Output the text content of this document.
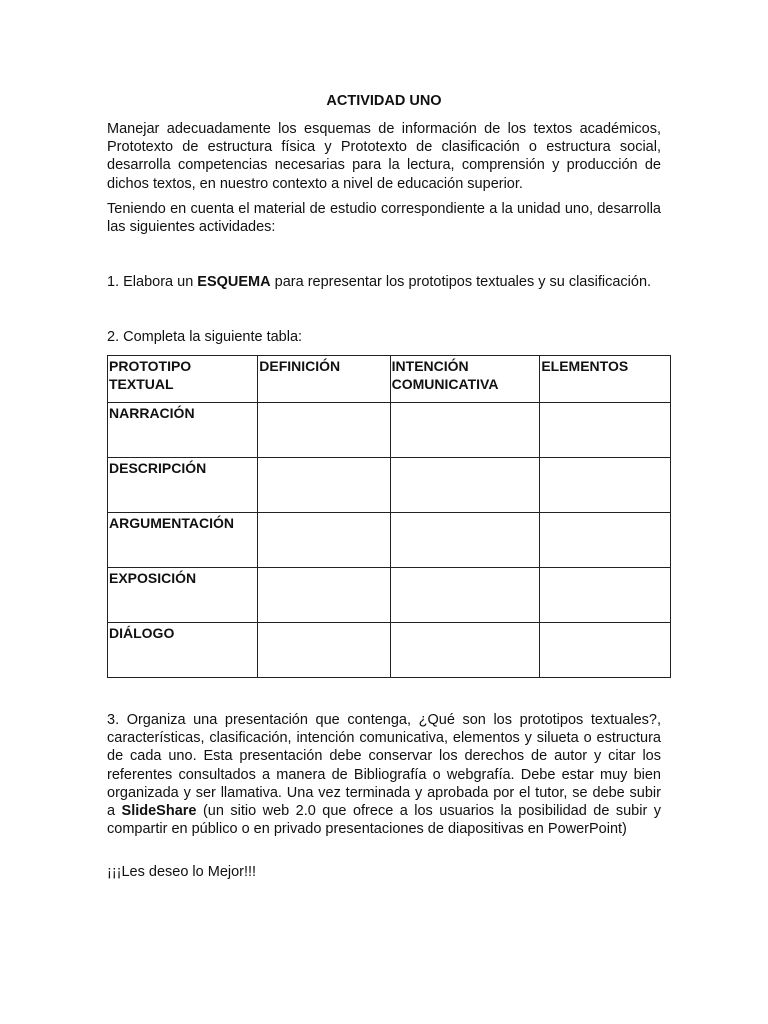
ACTIVIDAD UNO

Manejar adecuadamente los esquemas de información de los textos académicos, Prototexto de estructura física y Prototexto de clasificación o estructura social, desarrolla competencias necesarias para la lectura, comprensión y producción de dichos textos, en nuestro contexto a nivel de educación superior.

Teniendo en cuenta el material de estudio correspondiente a la unidad uno, desarrolla las siguientes actividades:

1. Elabora un ESQUEMA para representar los prototipos textuales y su clasificación.

2. Completa la siguiente tabla:

PROTOTIPO TEXTUAL	DEFINICIÓN	INTENCIÓN COMUNICATIVA	ELEMENTOS
NARRACIÓN			
DESCRIPCIÓN			
ARGUMENTACIÓN			
EXPOSICIÓN			
DIÁLOGO			

3. Organiza una presentación que contenga, ¿Qué son los prototipos textuales?, características, clasificación, intención comunicativa, elementos y silueta o estructura de cada uno. Esta presentación debe conservar los derechos de autor y citar los referentes consultados a manera de Bibliografía o webgrafía. Debe estar muy bien organizada y ser llamativa. Una vez terminada y aprobada por el tutor, se debe subir a SlideShare (un sitio web 2.0 que ofrece a los usuarios la posibilidad de subir y compartir en público o en privado presentaciones de diapositivas en PowerPoint)

¡¡¡Les deseo lo Mejor!!!
